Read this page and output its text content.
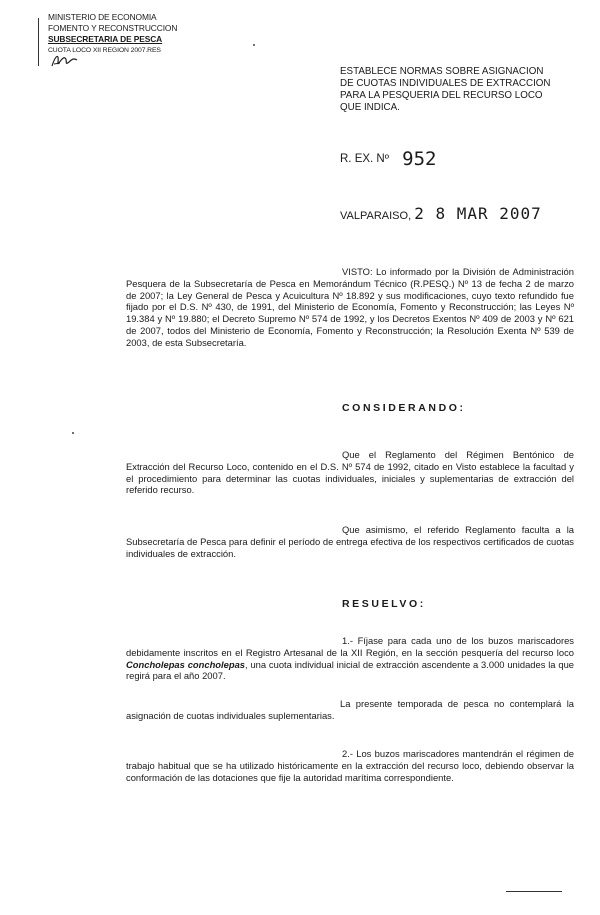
MINISTERIO DE ECONOMIA
FOMENTO Y RECONSTRUCCION
SUBSECRETARIA DE PESCA
CUOTA LOCO XII REGION 2007.RES
ESTABLECE NORMAS SOBRE ASIGNACION
DE CUOTAS INDIVIDUALES DE EXTRACCION
PARA LA PESQUERIA DEL RECURSO LOCO
QUE INDICA.
R. EX. Nº 952
VALPARAISO, 2 8 MAR 2007
VISTO: Lo informado por la División de Administración Pesquera de la Subsecretaría de Pesca en Memorándum Técnico (R.PESQ.) Nº 13 de fecha 2 de marzo de 2007; la Ley General de Pesca y Acuicultura Nº 18.892 y sus modificaciones, cuyo texto refundido fue fijado por el D.S. Nº 430, de 1991, del Ministerio de Economía, Fomento y Reconstrucción; las Leyes Nº 19.384 y Nº 19.880; el Decreto Supremo Nº 574 de 1992, y los Decretos Exentos Nº 409 de 2003 y Nº 621 de 2007, todos del Ministerio de Economía, Fomento y Reconstrucción; la Resolución Exenta Nº 539 de 2003, de esta Subsecretaría.
CONSIDERANDO:
Que el Reglamento del Régimen Bentónico de Extracción del Recurso Loco, contenido en el D.S. Nº 574 de 1992, citado en Visto establece la facultad y el procedimiento para determinar las cuotas individuales, iniciales y suplementarias de extracción del referido recurso.
Que asimismo, el referido Reglamento faculta a la Subsecretaría de Pesca para definir el período de entrega efectiva de los respectivos certificados de cuotas individuales de extracción.
RESUELVO:
1.- Fíjase para cada uno de los buzos mariscadores debidamente inscritos en el Registro Artesanal de la XII Región, en la sección pesquería del recurso loco Concholepas concholepas, una cuota individual inicial de extracción ascendente a 3.000 unidades la que regirá para el año 2007.
La presente temporada de pesca no contemplará la asignación de cuotas individuales suplementarias.
2.- Los buzos mariscadores mantendrán el régimen de trabajo habitual que se ha utilizado históricamente en la extracción del recurso loco, debiendo observar la conformación de las dotaciones que fije la autoridad marítima correspondiente.
